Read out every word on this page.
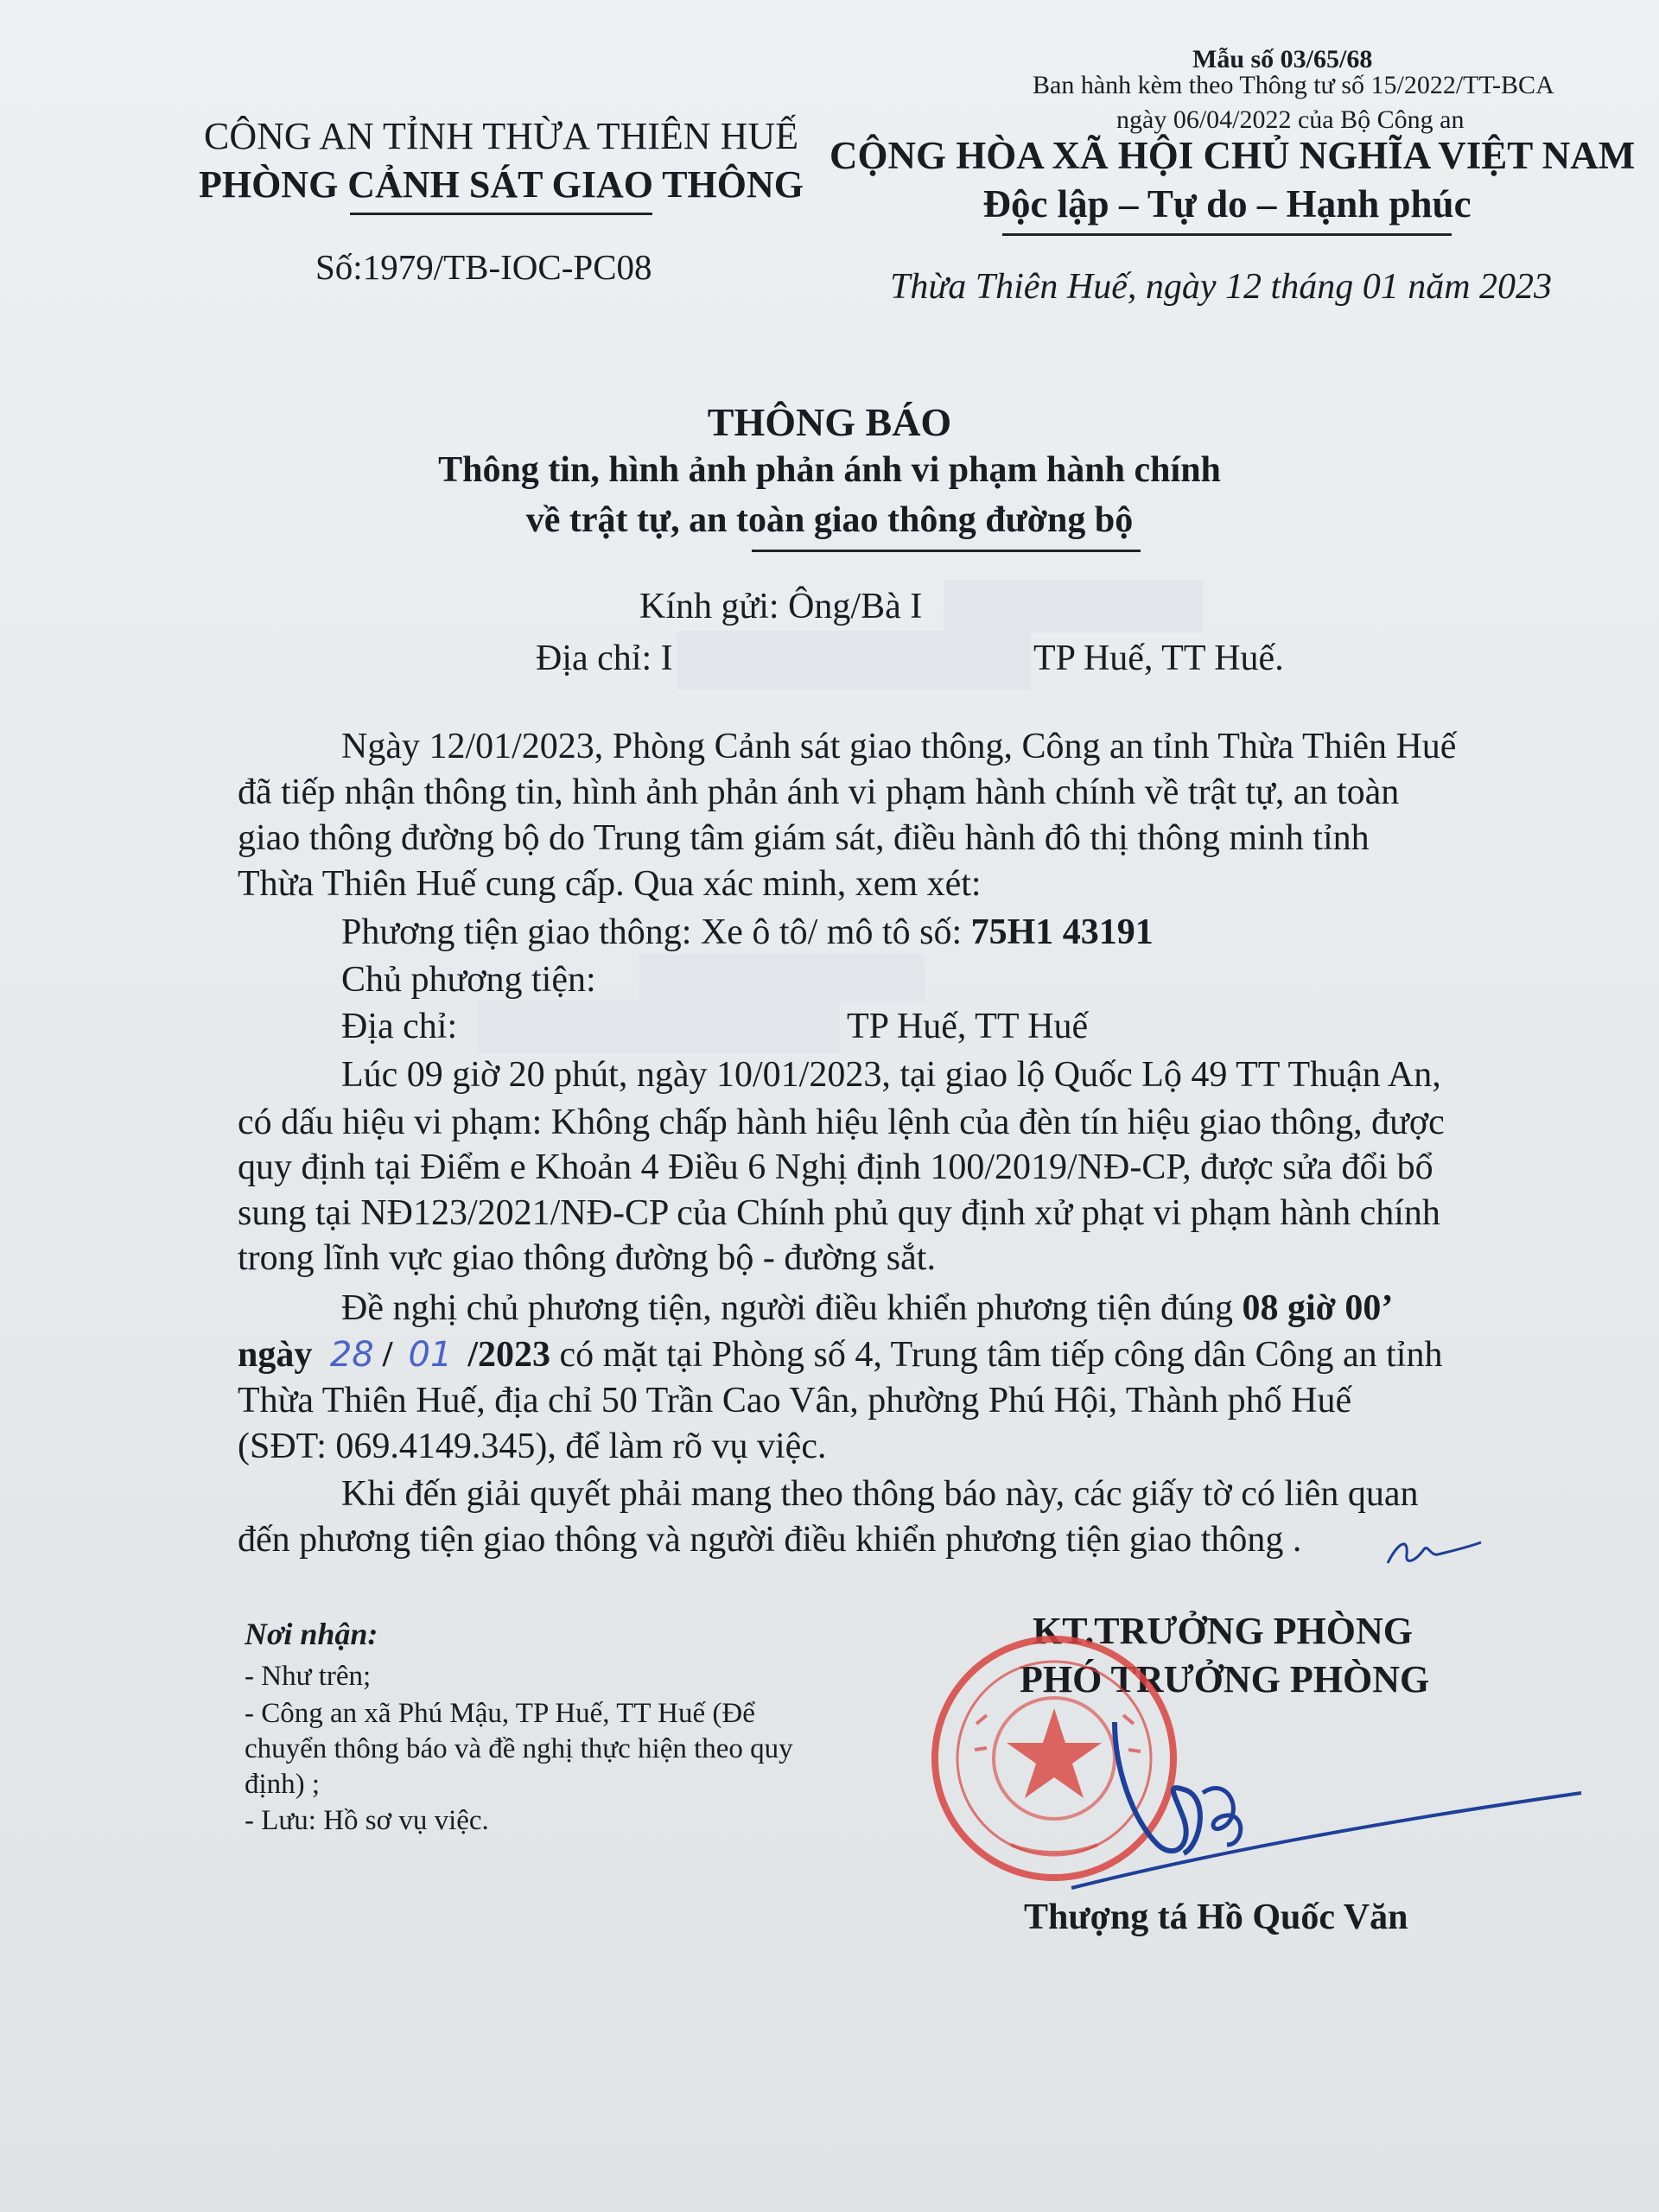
CÔNG AN TỈNH THỪA THIÊN HUẾ
PHÒNG CẢNH SÁT GIAO THÔNG
Số:1979/TB-IOC-PC08
Mẫu số 03/65/68
Ban hành kèm theo Thông tư số 15/2022/TT-BCA
ngày 06/04/2022 của Bộ Công an
CỘNG HÒA XÃ HỘI CHỦ NGHĨA VIỆT NAM
Độc lập – Tự do – Hạnh phúc
Thừa Thiên Huế, ngày 12 tháng 01 năm 2023
THÔNG BÁO
Thông tin, hình ảnh phản ánh vi phạm hành chính
về trật tự, an toàn giao thông đường bộ
Kính gửi: Ông/Bà I
Địa chỉ: I	TP Huế, TT Huế.
Ngày 12/01/2023, Phòng Cảnh sát giao thông, Công an tỉnh Thừa Thiên Huế
đã tiếp nhận thông tin, hình ảnh phản ánh vi phạm hành chính về trật tự, an toàn
giao thông đường bộ do Trung tâm giám sát, điều hành đô thị thông minh tỉnh
Thừa Thiên Huế cung cấp. Qua xác minh, xem xét:
Phương tiện giao thông: Xe ô tô/ mô tô số: 75H1 43191
Chủ phương tiện:
Địa chỉ:	TP Huế, TT Huế
Lúc 09 giờ 20 phút, ngày 10/01/2023, tại giao lộ Quốc Lộ 49 TT Thuận An,
có dấu hiệu vi phạm: Không chấp hành hiệu lệnh của đèn tín hiệu giao thông, được
quy định tại Điểm e Khoản 4 Điều 6 Nghị định 100/2019/NĐ-CP, được sửa đổi bổ
sung tại NĐ123/2021/NĐ-CP của Chính phủ quy định xử phạt vi phạm hành chính
trong lĩnh vực giao thông đường bộ - đường sắt.
Đề nghị chủ phương tiện, người điều khiển phương tiện đúng 08 giờ 00’
ngày 28 / 01 /2023 có mặt tại Phòng số 4, Trung tâm tiếp công dân Công an tỉnh
Thừa Thiên Huế, địa chỉ 50 Trần Cao Vân, phường Phú Hội, Thành phố Huế
(SĐT: 069.4149.345), để làm rõ vụ việc.
Khi đến giải quyết phải mang theo thông báo này, các giấy tờ có liên quan
đến phương tiện giao thông và người điều khiển phương tiện giao thông .
Nơi nhận:
- Như trên;
- Công an xã Phú Mậu, TP Huế, TT Huế (Để
chuyển thông báo và đề nghị thực hiện theo quy
định) ;
- Lưu: Hồ sơ vụ việc.
KT.TRƯỞNG PHÒNG
PHÓ TRƯỞNG PHÒNG
Thượng tá Hồ Quốc Văn
